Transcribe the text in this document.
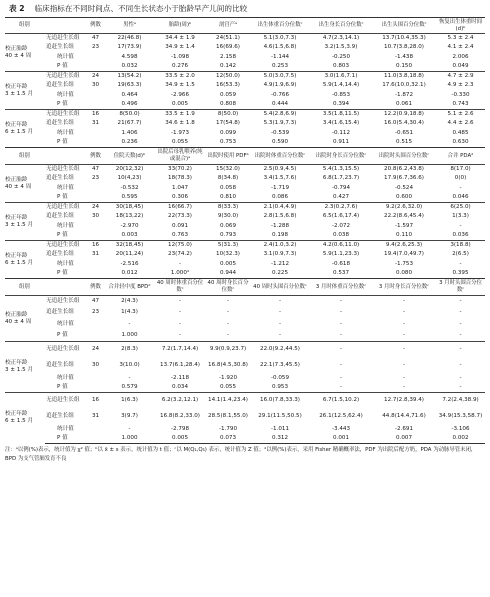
表 2 临床指标在不同时间点、不同生长状态小于胎龄早产儿间的比较
组别		例数	男性ᵃ	胎龄(周)ᵇ	剖宫产ᵃ	出生体重百分位数ᶜ	出生身长百分位数ᶜ	出生头围百分位数ᶜ	恢复出生体重时间(d)ᵇ

校正胎龄
40 ± 4 周	无追赶生长组	47	22(46.8)	34.4 ± 1.9	24(51.1)	5.1(3.0,7.3)	4.7(2.3,14.1)	13.7(10.4,35.3)	5.3 ± 2.4
	追赶生长组	23	17(73.9)	34.9 ± 1.4	16(69.6)	4.6(1.5,6.8)	3.2(1.5,3.9)	10.7(3.8,28.0)	4.1 ± 2.4
	统计值		4.598	-1.098	2.158	-1.144	-0.250	-1.438	2.006
	P 值		0.032	0.276	0.142	0.253	0.803	0.150	0.049

校正年龄
3 ± 1.5 月	无追赶生长组	24	13(54.2)	33.5 ± 2.0	12(50.0)	5.0(3.0,7.5)	3.0(1.6,7.1)	11.0(3.8,18.8)	4.7 ± 2.9
	追赶生长组	30	19(63.3)	34.9 ± 1.5	16(53.3)	4.9(1.9,6.9)	5.9(1.4,14.4)	17.6(10.0,32.1)	4.9 ± 2.3
	统计值		0.464	-2.966	0.059	-0.766	-0.853	-1.872	-0.330
	P 值		0.496	0.005	0.808	0.444	0.394	0.061	0.743

校正年龄
6 ± 1.5 月	无追赶生长组	16	8(50.0)	33.5 ± 1.9	8(50.0)	5.4(2.8,6.9)	3.5(1.8,11.5)	12.2(0.9,18.8)	5.1 ± 2.6
	追赶生长组	31	21(67.7)	34.6 ± 1.8	17(54.8)	5.3(1.9,7.3)	3.4(1.6,15.4)	16.0(5.4,30.4)	4.4 ± 2.6
	统计值		1.406	-1.973	0.099	-0.539	-0.112	-0.651	0.485
	P 值		0.236	0.055	0.753	0.590	0.911	0.515	0.630
组别		例数	住院天数(d)ᵇ	出院后母乳喂养(纯或混合)ᵃ	出院时使用 PDFᵃ	出院时体重百分位数ᶜ	出院时身长百分位数ᶜ	出院时头围百分位数ᶜ	合并 PDAᵈ

校正胎龄
40 ± 4 周	无追赶生长组	47	20(12,32)	33(70.2)	15(32.0)	2.5(0.9,4.5)	5.4(1.3,15.5)	20.8(6.2,43.8)	8(17.0)
	追赶生长组	23	10(4,23)	18(78.3)	8(34.8)	3.4(1.5,7.6)	6.8(1.7,23.7)	17.9(6.7,36.6)	0(0)
	统计值		-0.532	1.047	0.058	-1.719	-0.794	-0.524	-
	P 值		0.595	0.306	0.810	0.086	0.427	0.600	0.046

校正年龄
3 ± 1.5 月	无追赶生长组	24	30(18,45)	16(66.7)	8(33.3)	2.1(0.4,4.9)	2.3(0.2,7.6)	9.2(2.6,32.0)	6(25.0)
	追赶生长组	30	18(13,22)	22(73.3)	9(30.0)	2.8(1.5,6.8)	6.5(1.6,17.4)	22.2(8.6,45.4)	1(3.3)
	统计值		-2.970	0.091	0.069	-1.288	-2.072	-1.597	-
	P 值		0.003	0.763	0.793	0.198	0.038	0.110	0.036

校正年龄
6 ± 1.5 月	无追赶生长组	16	32(18,45)	12(75.0)	5(31.3)	2.4(1.0,3.2)	4.2(0.6,11.0)	9.4(2.6,25.3)	3(18.8)
	追赶生长组	31	20(11,24)	23(74.2)	10(32.3)	3.1(0.9,7.3)	5.9(1.1,23.3)	19.4(7.0,49.7)	2(6.5)
	统计值		-2.516	-	0.005	-1.212	-0.618	-1.753	-
	P 值		0.012	1.000ᵈ	0.944	0.225	0.537	0.080	0.395
组别		例数	合并轻中度 BPDᵈ	40 周时体重百分位数ᶜ	40 周时身长百分位数ᶜ	40 周时头围百分位数ᶜ	3 月时体重百分位数ᶜ	3 月时身长百分位数ᶜ	3 月时头围百分位数ᶜ

校正胎龄
40 ± 4 周	无追赶生长组	47	2(4.3)	-	-	-	-	-	-
	追赶生长组	23	1(4.3)	-	-	-	-	-	-
	统计值		-	-	-	-	-	-	-
	P 值		1.000	-	-	-	-	-	-

校正年龄
3 ± 1.5 月	无追赶生长组	24	2(8.3)	7.2(1.7,14.4)	9.9(0.9,23.7)	22.0(9.2,44.5)	-	-	-
	追赶生长组	30	3(10.0)	13.7(6.1,28.4)	16.8(4.5,30.8)	22.1(7.3,45.5)	-	-	-
	统计值		-	-2.118	-1.920	-0.059	-	-	-
	P 值		0.579	0.034	0.055	0.953	-	-	-

校正年龄
6 ± 1.5 月	无追赶生长组	16	1(6.3)	6.2(3.2,12.1)	14.1(1.4,23.4)	16.0(7.8,33.3)	6.7(1.5,10.2)	12.7(2.8,39.4)	7.2(2.4,38.9)
	追赶生长组	31	3(9.7)	16.8(8.2,33.0)	28.5(8.1,55.0)	29.1(11.5,50.5)	26.1(12.5,62.4)	44.8(14.4,71.6)	34.9(15.3,58.7)
	统计值		-	-2.798	-1.790	-1.011	-3.443	-2.691	-3.106
	P 值		1.000	0.005	0.073	0.312	0.001	0.007	0.002
注：ᵃ以例(%)表示，统计值为 χ² 值；ᵇ以 x̄ ± s 表示，统计值为 t 值；ᶜ以 M(Q₁,Q₃) 表示，统计值为 Z 值；ᵈ以例(%)表示，采用 Fisher 精确概率法，PDF 为出院后配方奶，PDA 为动脉导管未闭，BPD 为支气管肺发育不良
